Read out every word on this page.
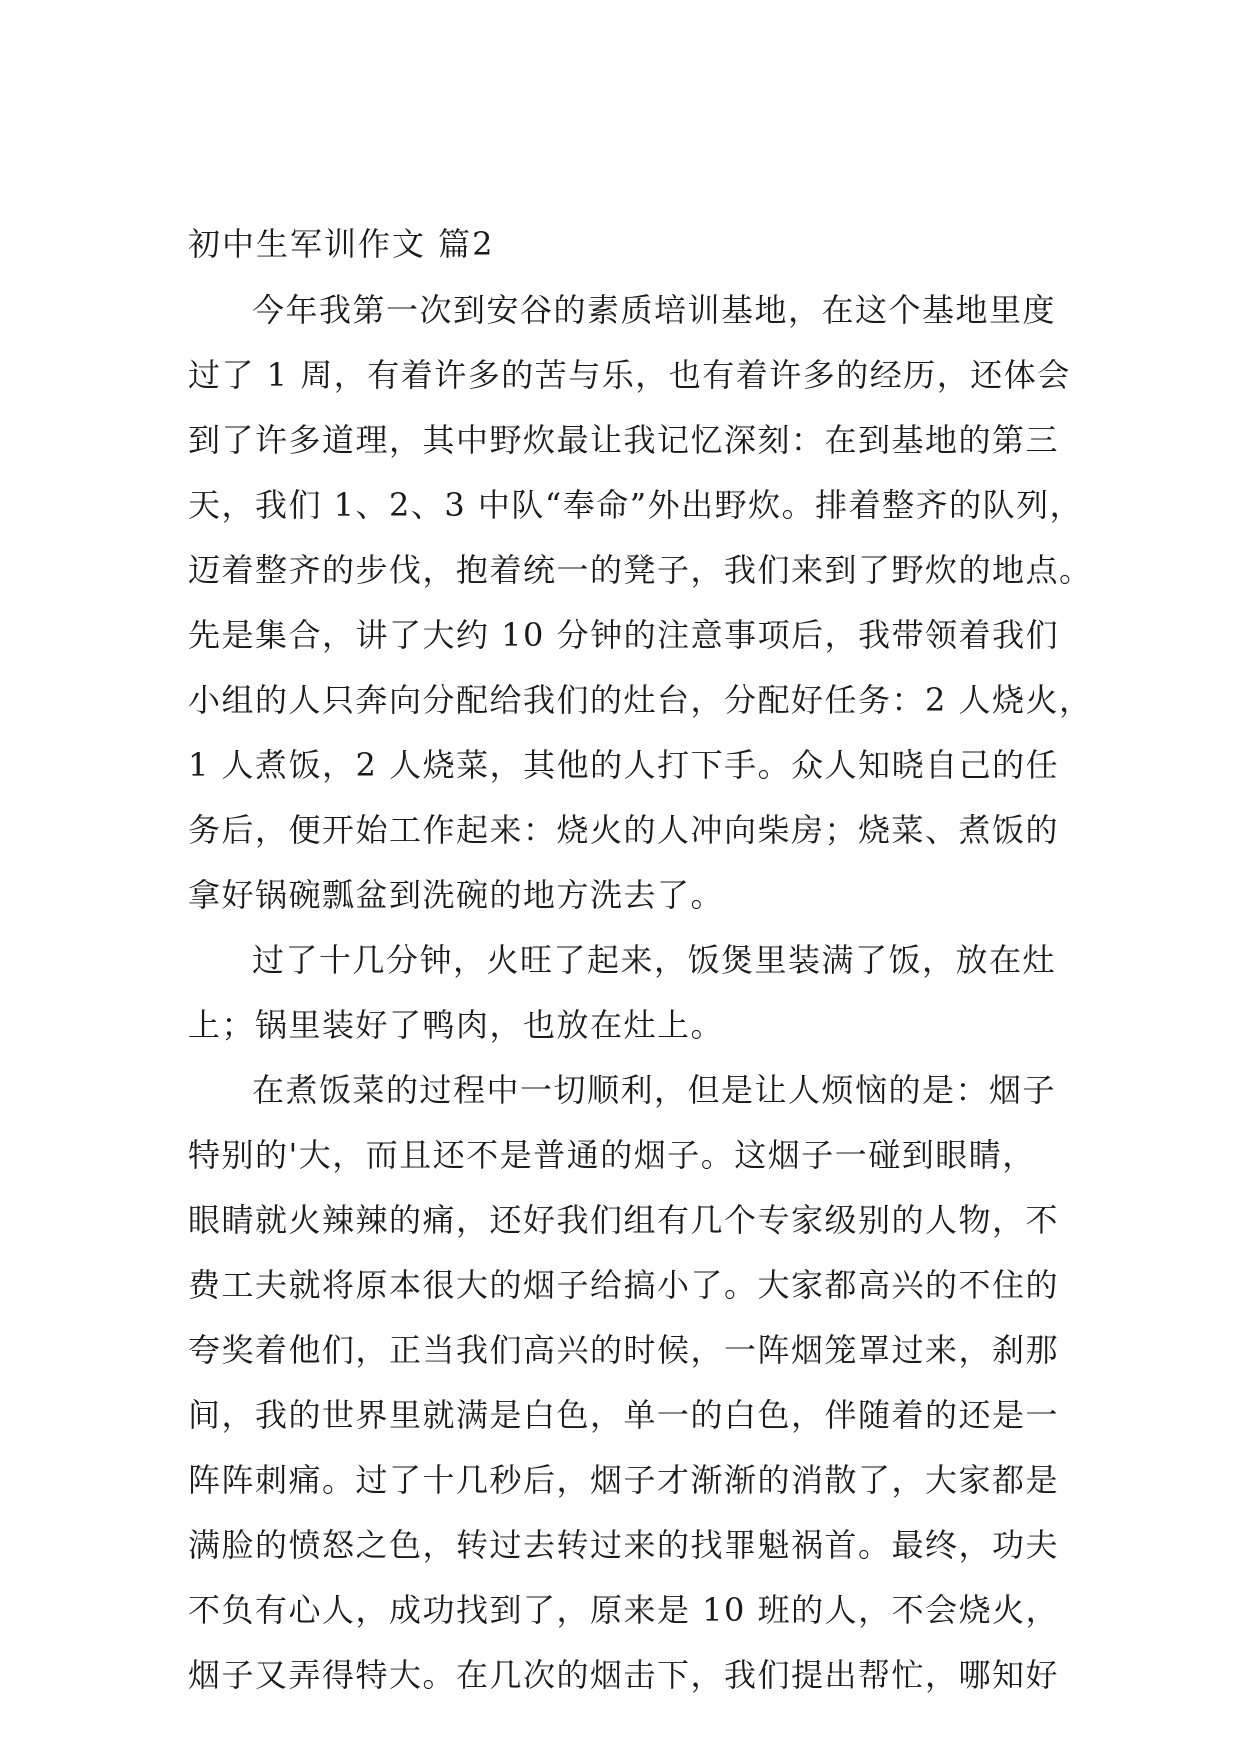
初中生军训作文 篇2
今年我第一次到安谷的素质培训基地，在这个基地里度
过了 1 周，有着许多的苦与乐，也有着许多的经历，还体会
到了许多道理，其中野炊最让我记忆深刻：在到基地的第三
天，我们 1、2、3 中队“奉命”外出野炊。排着整齐的队列，
迈着整齐的步伐，抱着统一的凳子，我们来到了野炊的地点。
先是集合，讲了大约 10 分钟的注意事项后，我带领着我们
小组的人只奔向分配给我们的灶台，分配好任务：2 人烧火，
1 人煮饭，2 人烧菜，其他的人打下手。众人知晓自己的任
务后，便开始工作起来：烧火的人冲向柴房；烧菜、煮饭的
拿好锅碗瓢盆到洗碗的地方洗去了。
过了十几分钟，火旺了起来，饭煲里装满了饭，放在灶
上；锅里装好了鸭肉，也放在灶上。
在煮饭菜的过程中一切顺利，但是让人烦恼的是：烟子
特别的'大，而且还不是普通的烟子。这烟子一碰到眼睛，
眼睛就火辣辣的痛，还好我们组有几个专家级别的人物，不
费工夫就将原本很大的烟子给搞小了。大家都高兴的不住的
夸奖着他们，正当我们高兴的时候，一阵烟笼罩过来，刹那
间，我的世界里就满是白色，单一的白色，伴随着的还是一
阵阵刺痛。过了十几秒后，烟子才渐渐的消散了，大家都是
满脸的愤怒之色，转过去转过来的找罪魁祸首。最终，功夫
不负有心人，成功找到了，原来是 10 班的人，不会烧火，
烟子又弄得特大。在几次的烟击下，我们提出帮忙，哪知好
